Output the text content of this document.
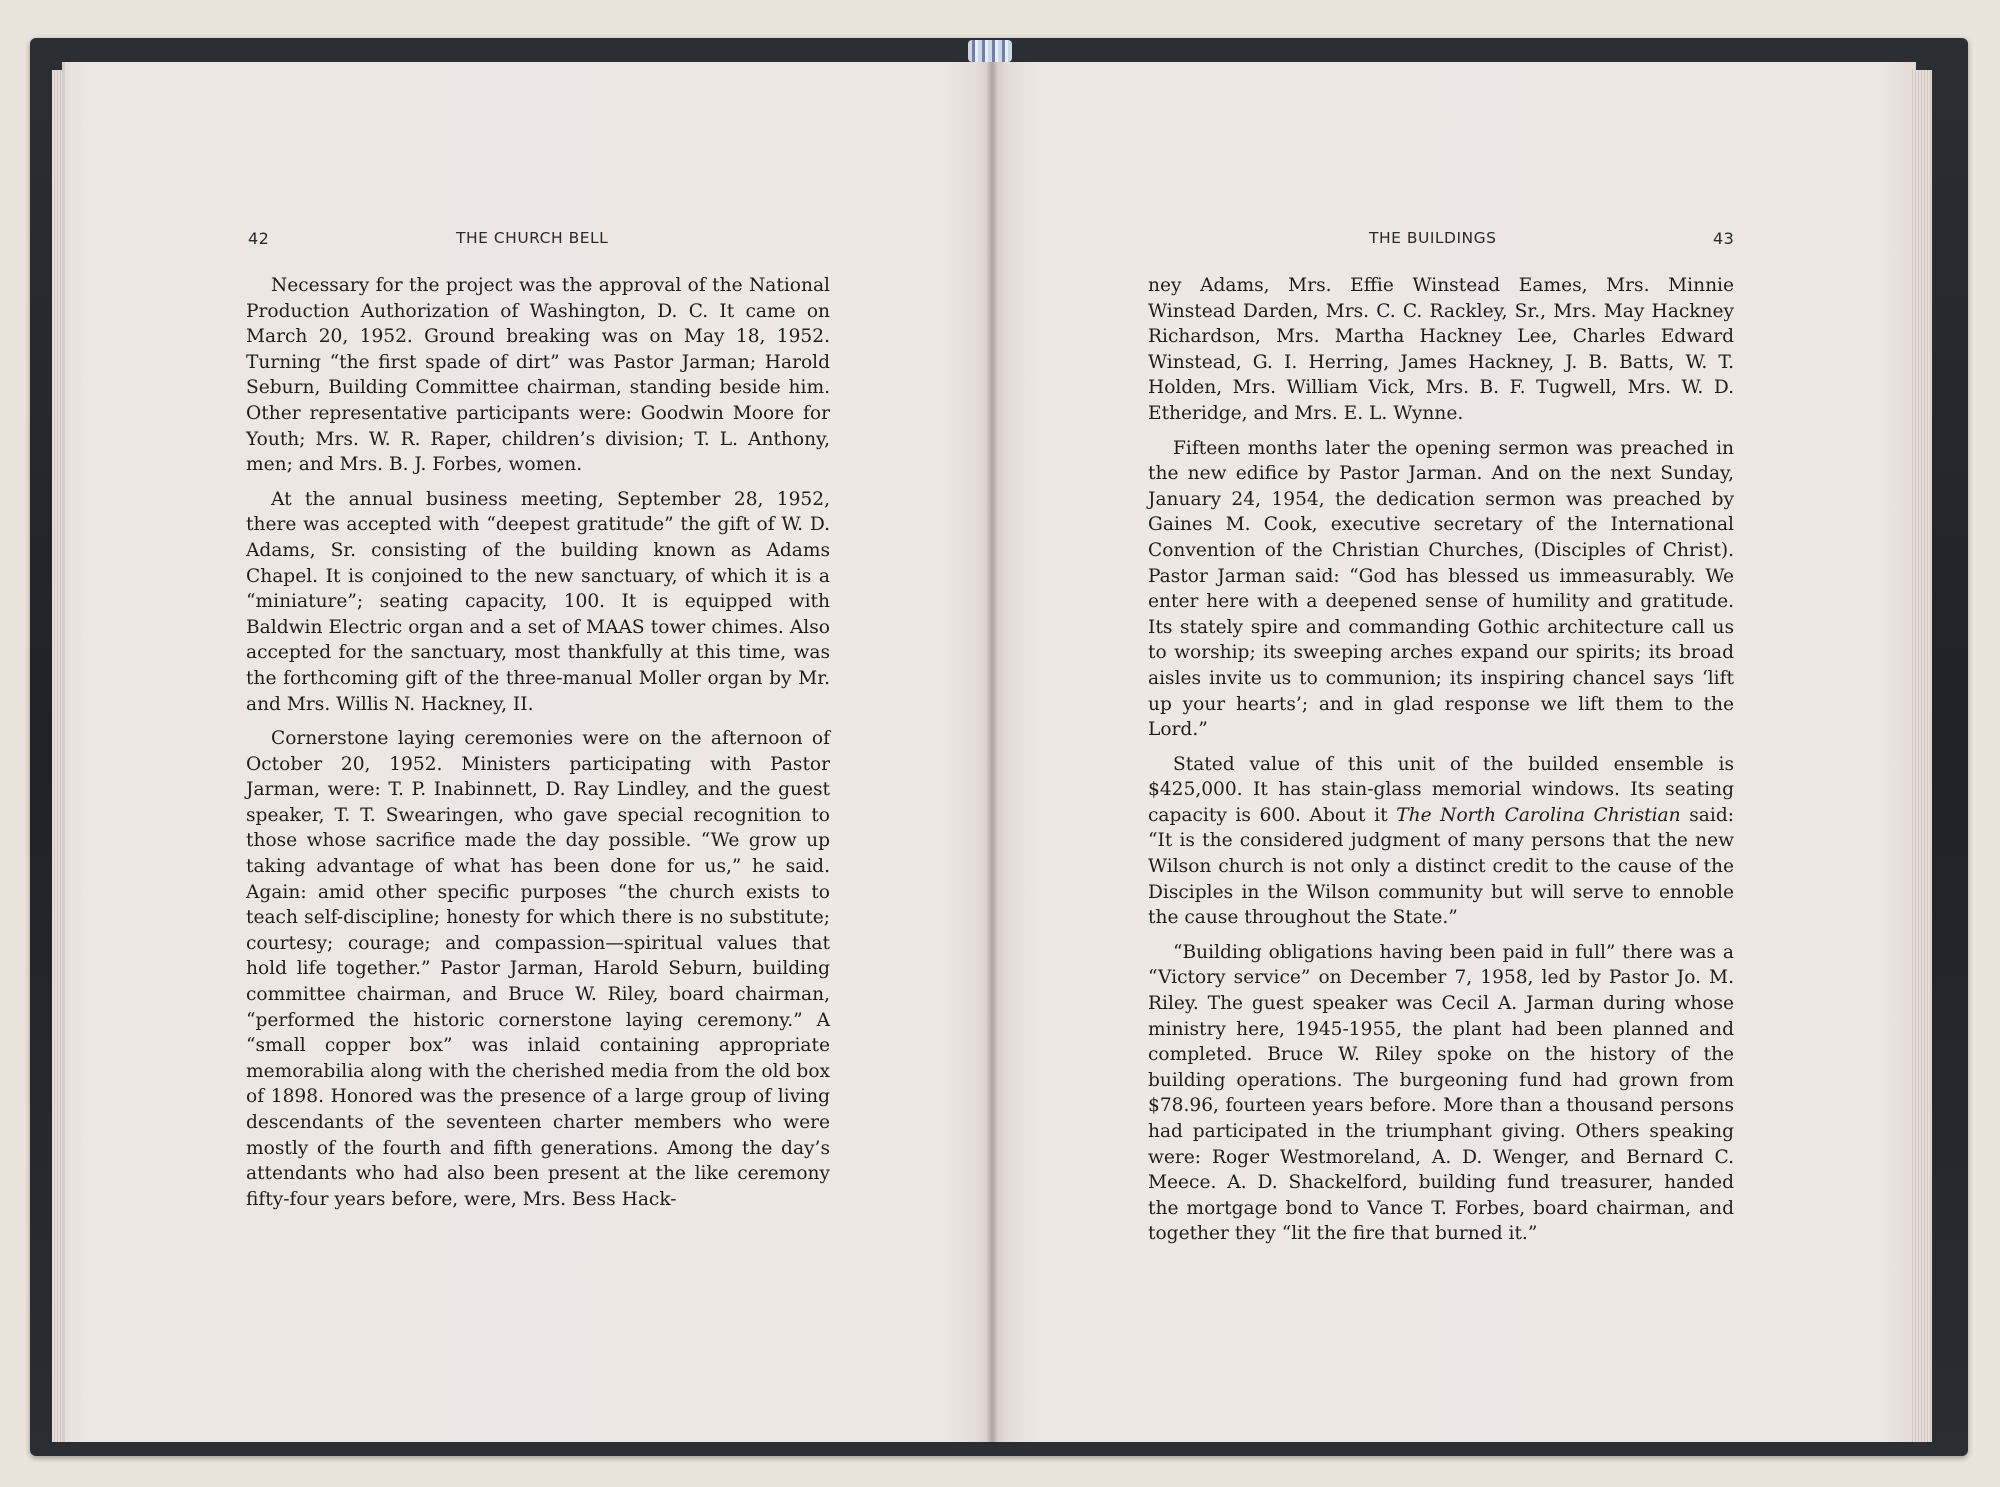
42	THE CHURCH BELL	THE BUILDINGS	43

Necessary for the project was the approval of the National Production Authorization of Washington, D. C. It came on March 20, 1952. Ground breaking was on May 18, 1952. Turning “the first spade of dirt” was Pastor Jarman; Harold Seburn, Building Committee chairman, standing beside him. Other representative participants were: Goodwin Moore for Youth; Mrs. W. R. Raper, children’s division; T. L. Anthony, men; and Mrs. B. J. Forbes, women.

At the annual business meeting, September 28, 1952, there was accepted with “deepest gratitude” the gift of W. D. Adams, Sr. consisting of the building known as Adams Chapel. It is conjoined to the new sanctuary, of which it is a “miniature”; seating capacity, 100. It is equipped with Baldwin Electric organ and a set of MAAS tower chimes. Also accepted for the sanctuary, most thankfully at this time, was the forthcoming gift of the three-manual Moller organ by Mr. and Mrs. Willis N. Hackney, II.

Cornerstone laying ceremonies were on the afternoon of October 20, 1952. Ministers participating with Pastor Jarman, were: T. P. Inabinnett, D. Ray Lindley, and the guest speaker, T. T. Swearingen, who gave special recognition to those whose sacrifice made the day possible. “We grow up taking advantage of what has been done for us,” he said. Again: amid other specific purposes “the church exists to teach self-discipline; honesty for which there is no substitute; courtesy; courage; and compassion—spiritual values that hold life together.” Pastor Jarman, Harold Seburn, building committee chairman, and Bruce W. Riley, board chairman, “performed the historic cornerstone laying ceremony.” A “small copper box” was inlaid containing appropriate memorabilia along with the cherished media from the old box of 1898. Honored was the presence of a large group of living descendants of the seventeen charter members who were mostly of the fourth and fifth generations. Among the day’s attendants who had also been present at the like ceremony fifty-four years before, were, Mrs. Bess Hack-

ney Adams, Mrs. Effie Winstead Eames, Mrs. Minnie Winstead Darden, Mrs. C. C. Rackley, Sr., Mrs. May Hackney Richardson, Mrs. Martha Hackney Lee, Charles Edward Winstead, G. I. Herring, James Hackney, J. B. Batts, W. T. Holden, Mrs. William Vick, Mrs. B. F. Tugwell, Mrs. W. D. Etheridge, and Mrs. E. L. Wynne.

Fifteen months later the opening sermon was preached in the new edifice by Pastor Jarman. And on the next Sunday, January 24, 1954, the dedication sermon was preached by Gaines M. Cook, executive secretary of the International Convention of the Christian Churches, (Disciples of Christ). Pastor Jarman said: “God has blessed us immeasurably. We enter here with a deepened sense of humility and gratitude. Its stately spire and commanding Gothic architecture call us to worship; its sweeping arches expand our spirits; its broad aisles invite us to communion; its inspiring chancel says ‘lift up your hearts’; and in glad response we lift them to the Lord.”

Stated value of this unit of the builded ensemble is $425,000. It has stain-glass memorial windows. Its seating capacity is 600. About it The North Carolina Christian said: “It is the considered judgment of many persons that the new Wilson church is not only a distinct credit to the cause of the Disciples in the Wilson community but will serve to ennoble the cause throughout the State.”

“Building obligations having been paid in full” there was a “Victory service” on December 7, 1958, led by Pastor Jo. M. Riley. The guest speaker was Cecil A. Jarman during whose ministry here, 1945-1955, the plant had been planned and completed. Bruce W. Riley spoke on the history of the building operations. The burgeoning fund had grown from $78.96, fourteen years before. More than a thousand persons had participated in the triumphant giving. Others speaking were: Roger Westmoreland, A. D. Wenger, and Bernard C. Meece. A. D. Shackelford, building fund treasurer, handed the mortgage bond to Vance T. Forbes, board chairman, and together they “lit the fire that burned it.”
